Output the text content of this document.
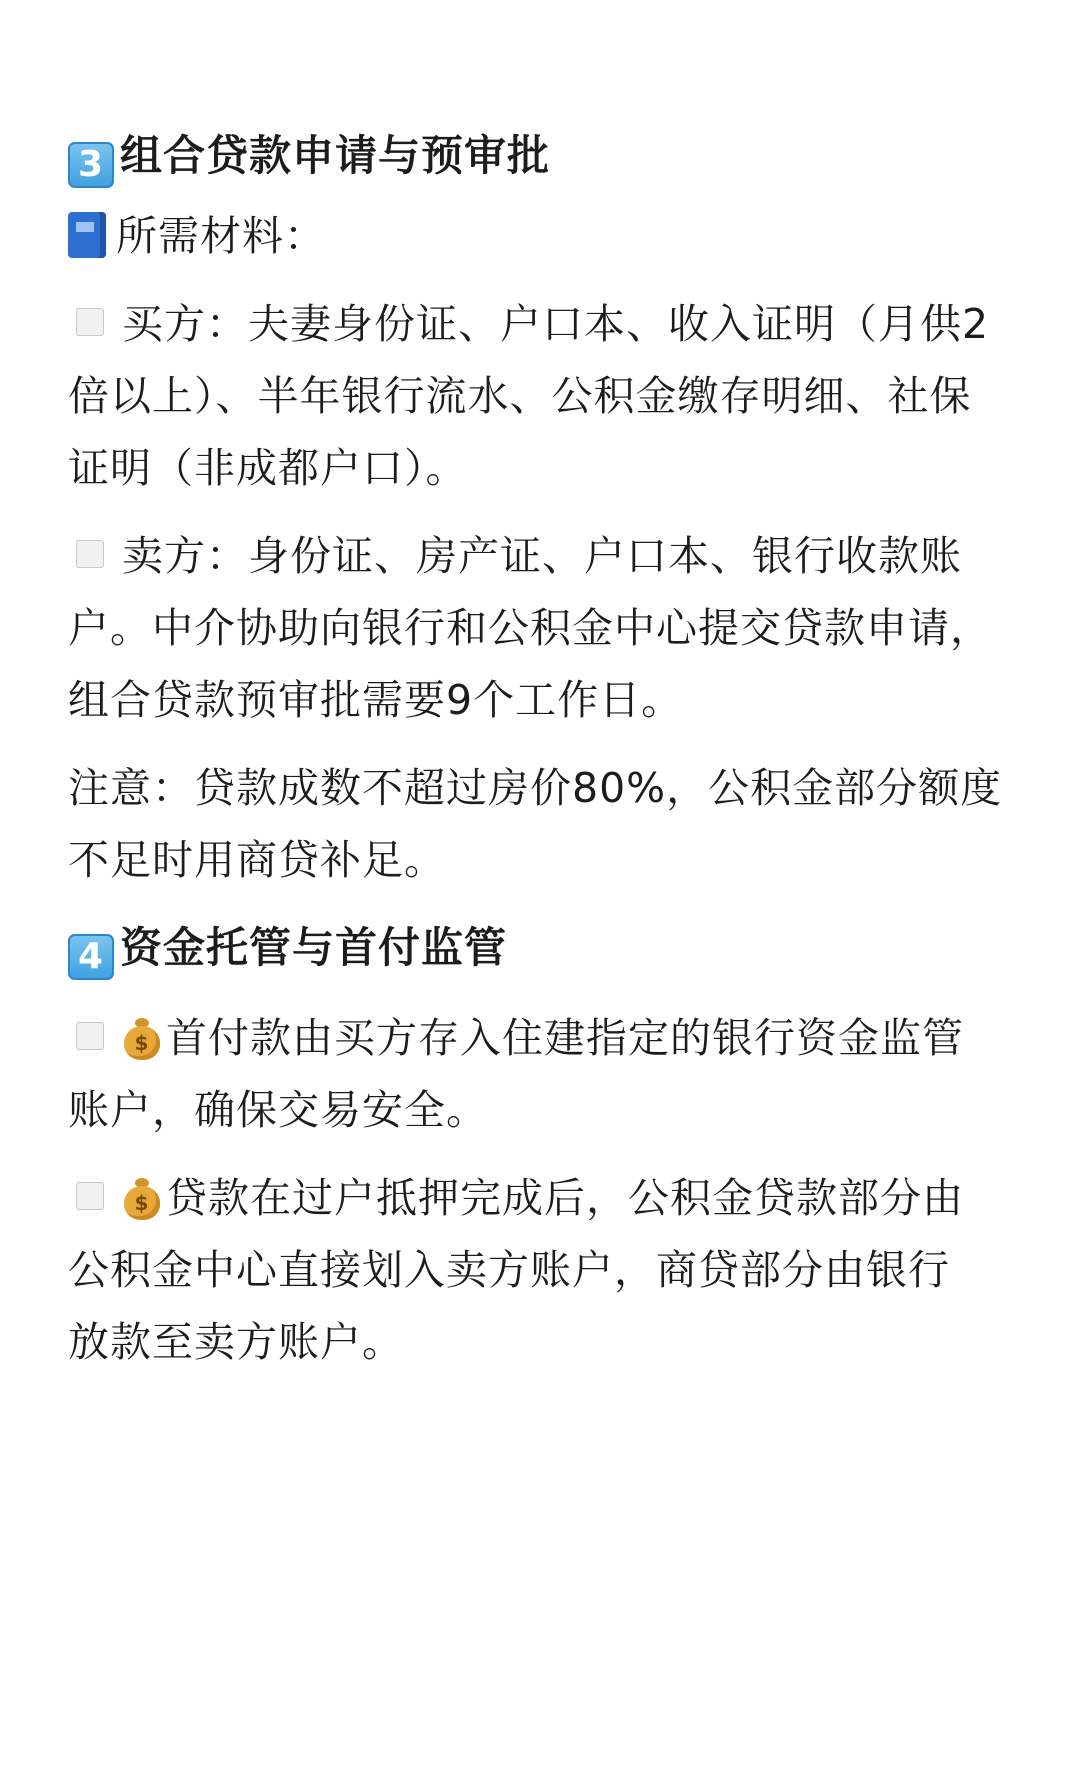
3 组合贷款申请与预审批
所需材料：
买方：夫妻身份证、户口本、收入证明（月供2
倍以上）、半年银行流水、公积金缴存明细、社保
证明（非成都户口）。
卖方：身份证、房产证、户口本、银行收款账
户。中介协助向银行和公积金中心提交贷款申请，
组合贷款预审批需要9个工作日。
注意：贷款成数不超过房价80%，公积金部分额度
不足时用商贷补足。
4 资金托管与首付监管
$ 首付款由买方存入住建指定的银行资金监管
账户，确保交易安全。
$ 贷款在过户抵押完成后，公积金贷款部分由
公积金中心直接划入卖方账户，商贷部分由银行
放款至卖方账户。
